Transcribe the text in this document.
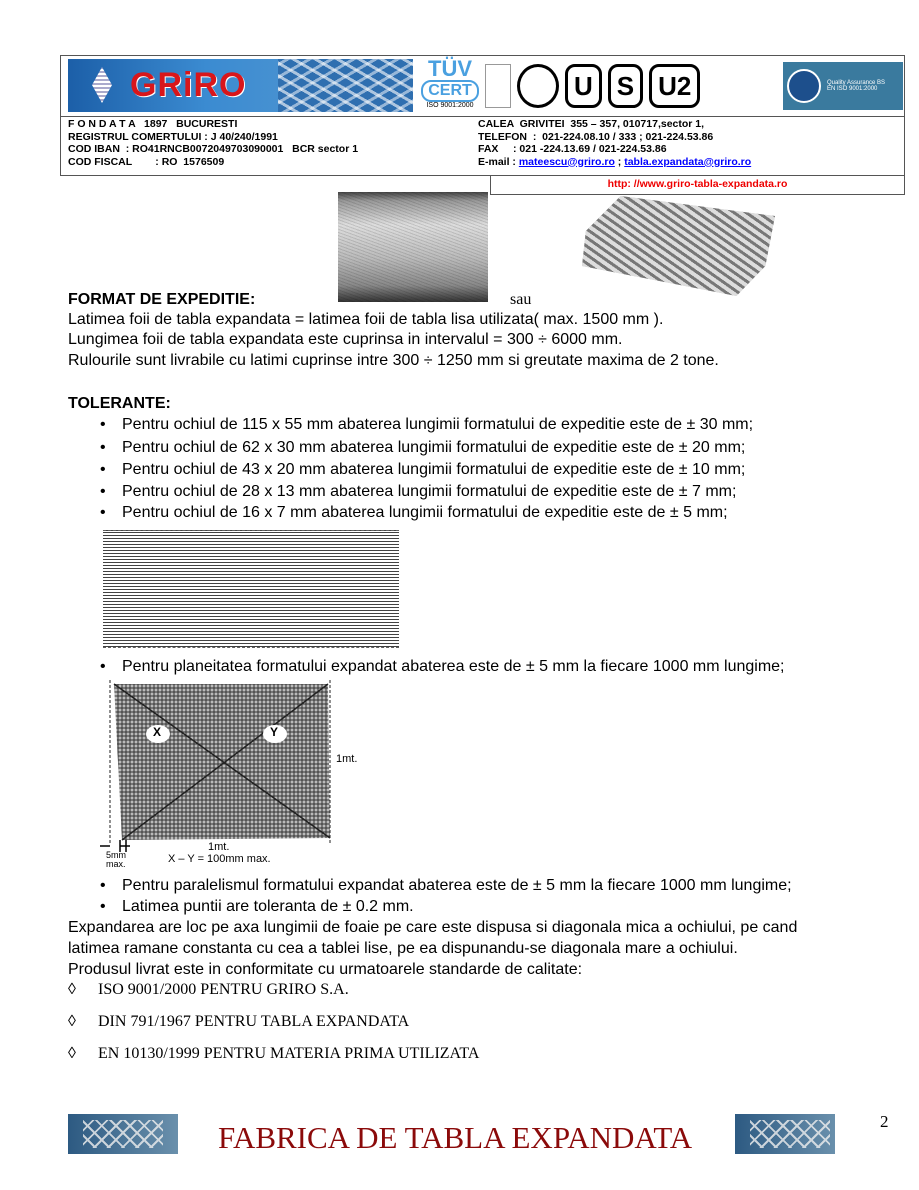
GRiRO	TÜV
CERT
ISO 9001:2000
U S U2	Quality Assurance BS EN ISO 9001:2000
F O N D A T A   1897   BUCURESTI
REGISTRUL COMERTULUI : J 40/240/1991
COD IBAN  : RO41RNCB0072049703090001   BCR sector 1
COD FISCAL        : RO  1576509
CALEA  GRIVITEI  355 – 357, 010717,sector 1,
TELEFON  :  021-224.08.10 / 333 ; 021-224.53.86
FAX     : 021 -224.13.69 / 021-224.53.86
E-mail : mateescu@griro.ro ; tabla.expandata@griro.ro
http: //www.griro-tabla-expandata.ro
FORMAT DE EXPEDITIE:	sau
Latimea foii de tabla expandata = latimea foii de tabla lisa utilizata( max. 1500 mm ).
Lungimea foii de tabla expandata este cuprinsa in intervalul = 300 ÷ 6000 mm.
Rulourile sunt livrabile cu latimi cuprinse intre 300 ÷ 1250 mm si greutate maxima de 2 tone.
TOLERANTE:
• Pentru ochiul de 115 x 55 mm abaterea lungimii formatului de expeditie este de ± 30 mm;
• Pentru ochiul de 62 x 30 mm abaterea lungimii formatului de expeditie este de ± 20 mm;
• Pentru ochiul de 43 x 20 mm abaterea lungimii formatului de expeditie este de ± 10 mm;
• Pentru ochiul de 28 x 13 mm abaterea lungimii formatului de expeditie este de ± 7 mm;
• Pentru ochiul de 16 x 7 mm abaterea lungimii formatului de expeditie este de ± 5 mm;
• Pentru planeitatea formatului expandat abaterea este de ± 5 mm la fiecare 1000 mm lungime;
X	Y
1mt.
1mt.
5mm
max.	X – Y = 100mm max.
• Pentru paralelismul formatului expandat abaterea este de ± 5 mm la fiecare 1000 mm lungime;
• Latimea puntii are toleranta de ± 0.2 mm.
Expandarea are loc pe axa lungimii de foaie pe care este dispusa si diagonala mica a ochiului, pe cand
latimea ramane constanta cu cea a tablei lise, pe ea dispunandu-se diagonala mare a ochiului.
Produsul livrat este in conformitate cu urmatoarele standarde de calitate:
◊ ISO 9001/2000 PENTRU GRIRO S.A.
◊ DIN 791/1967 PENTRU TABLA EXPANDATA
◊ EN 10130/1999 PENTRU MATERIA PRIMA UTILIZATA
FABRICA DE TABLA EXPANDATA	2
